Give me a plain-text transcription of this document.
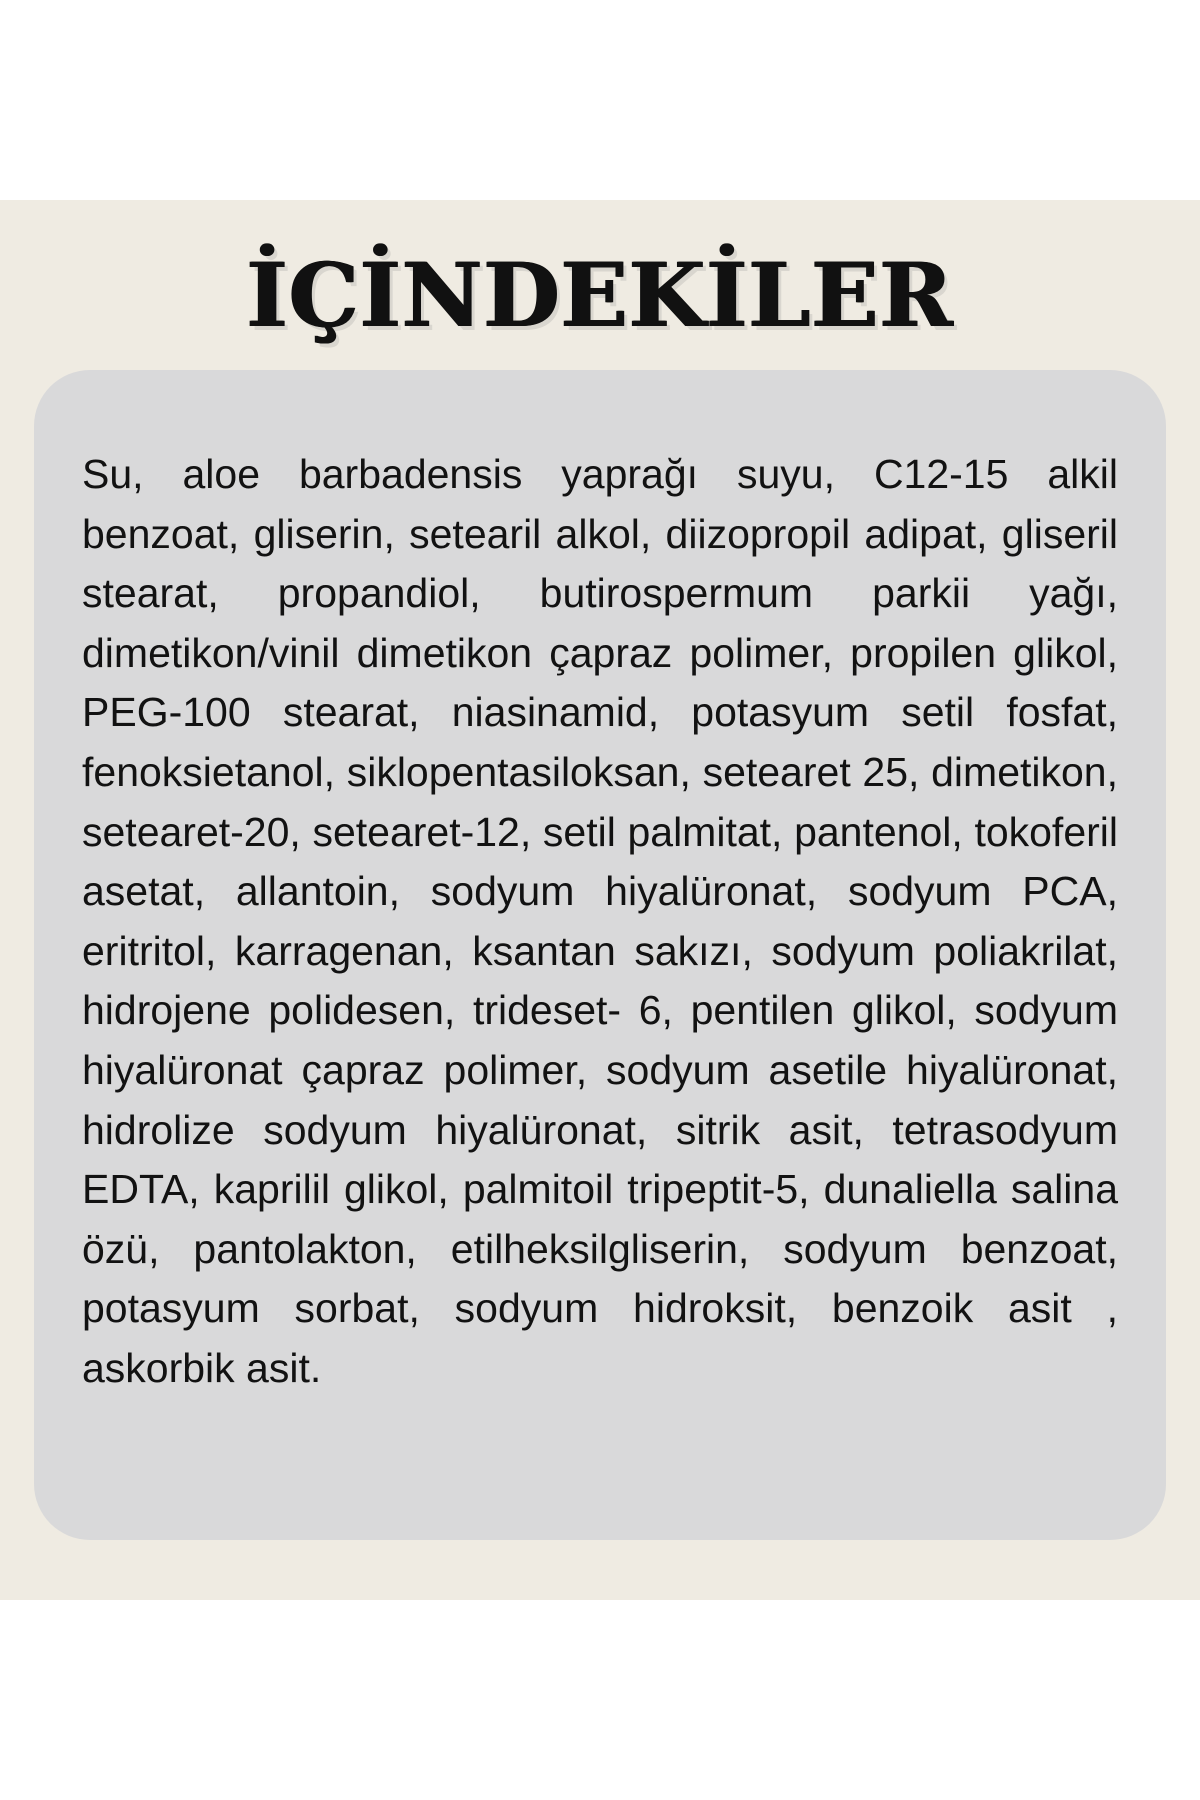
İÇİNDEKİLER

Su, aloe barbadensis yaprağı suyu, C12-15 alkil benzoat, gliserin, setearil alkol, diizopropil adipat, gliseril stearat, propandiol, butirospermum parkii yağı, dimetikon/vinil dimetikon çapraz polimer, propilen glikol, PEG-100 stearat, niasinamid, potasyum setil fosfat, fenoksietanol, siklopentasiloksan, setearet 25, dimetikon, setearet-20, setearet-12, setil palmitat, pantenol, tokoferil asetat, allantoin, sodyum hiyalüronat, sodyum PCA, eritritol, karragenan, ksantan sakızı, sodyum poliakrilat, hidrojene polidesen, trideset- 6, pentilen glikol, sodyum hiyalüronat çapraz polimer, sodyum asetile hiyalüronat, hidrolize sodyum hiyalüronat, sitrik asit, tetrasodyum EDTA, kaprilil glikol, palmitoil tripeptit-5, dunaliella salina özü, pantolakton, etilheksilgliserin, sodyum benzoat, potasyum sorbat, sodyum hidroksit, benzoik asit , askorbik asit.
